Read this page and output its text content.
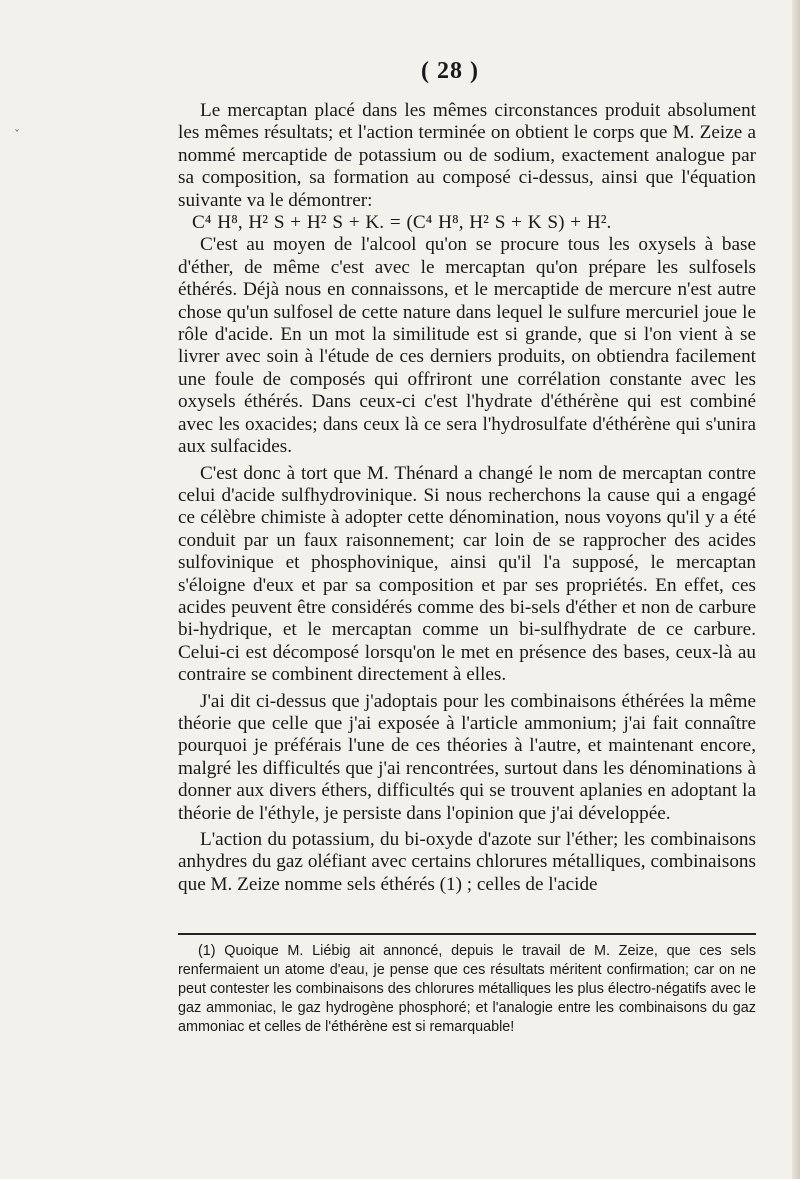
ˇ
( 28 )

Le mercaptan placé dans les mêmes circonstances produit absolument les mêmes résultats; et l'action terminée on obtient le corps que M. Zeize a nommé mercaptide de potassium ou de sodium, exactement analogue par sa composition, sa formation au composé ci-dessus, ainsi que l'équation suivante va le démontrer:

C⁴ H⁸, H² S + H² S + K. = (C⁴ H⁸, H² S + K S) + H².

C'est au moyen de l'alcool qu'on se procure tous les oxysels à base d'éther, de même c'est avec le mercaptan qu'on prépare les sulfosels éthérés. Déjà nous en connaissons, et le mercaptide de mercure n'est autre chose qu'un sulfosel de cette nature dans lequel le sulfure mercuriel joue le rôle d'acide. En un mot la similitude est si grande, que si l'on vient à se livrer avec soin à l'étude de ces derniers produits, on obtiendra facilement une foule de composés qui offriront une corrélation constante avec les oxysels éthérés. Dans ceux-ci c'est l'hydrate d'éthérène qui est combiné avec les oxacides; dans ceux là ce sera l'hydrosulfate d'éthérène qui s'unira aux sulfacides.

C'est donc à tort que M. Thénard a changé le nom de mercaptan contre celui d'acide sulfhydrovinique. Si nous recherchons la cause qui a engagé ce célèbre chimiste à adopter cette dénomination, nous voyons qu'il y a été conduit par un faux raisonnement; car loin de se rapprocher des acides sulfovinique et phosphovinique, ainsi qu'il l'a supposé, le mercaptan s'éloigne d'eux et par sa composition et par ses propriétés. En effet, ces acides peuvent être considérés comme des bi-sels d'éther et non de carbure bi-hydrique, et le mercaptan comme un bi-sulfhydrate de ce carbure. Celui-ci est décomposé lorsqu'on le met en présence des bases, ceux-là au contraire se combinent directement à elles.

J'ai dit ci-dessus que j'adoptais pour les combinaisons éthérées la même théorie que celle que j'ai exposée à l'article ammonium; j'ai fait connaître pourquoi je préférais l'une de ces théories à l'autre, et maintenant encore, malgré les difficultés que j'ai rencontrées, surtout dans les dénominations à donner aux divers éthers, difficultés qui se trouvent aplanies en adoptant la théorie de l'éthyle, je persiste dans l'opinion que j'ai développée.

L'action du potassium, du bi-oxyde d'azote sur l'éther; les combinaisons anhydres du gaz oléfiant avec certains chlorures métalliques, combinaisons que M. Zeize nomme sels éthérés (1) ; celles de l'acide

(1) Quoique M. Liébig ait annoncé, depuis le travail de M. Zeize, que ces sels renfermaient un atome d'eau, je pense que ces résultats méritent confirmation; car on ne peut contester les combinaisons des chlorures métalliques les plus électro-négatifs avec le gaz ammoniac, le gaz hydrogène phosphoré; et l'analogie entre les combinaisons du gaz ammoniac et celles de l'éthérène est si remarquable!
